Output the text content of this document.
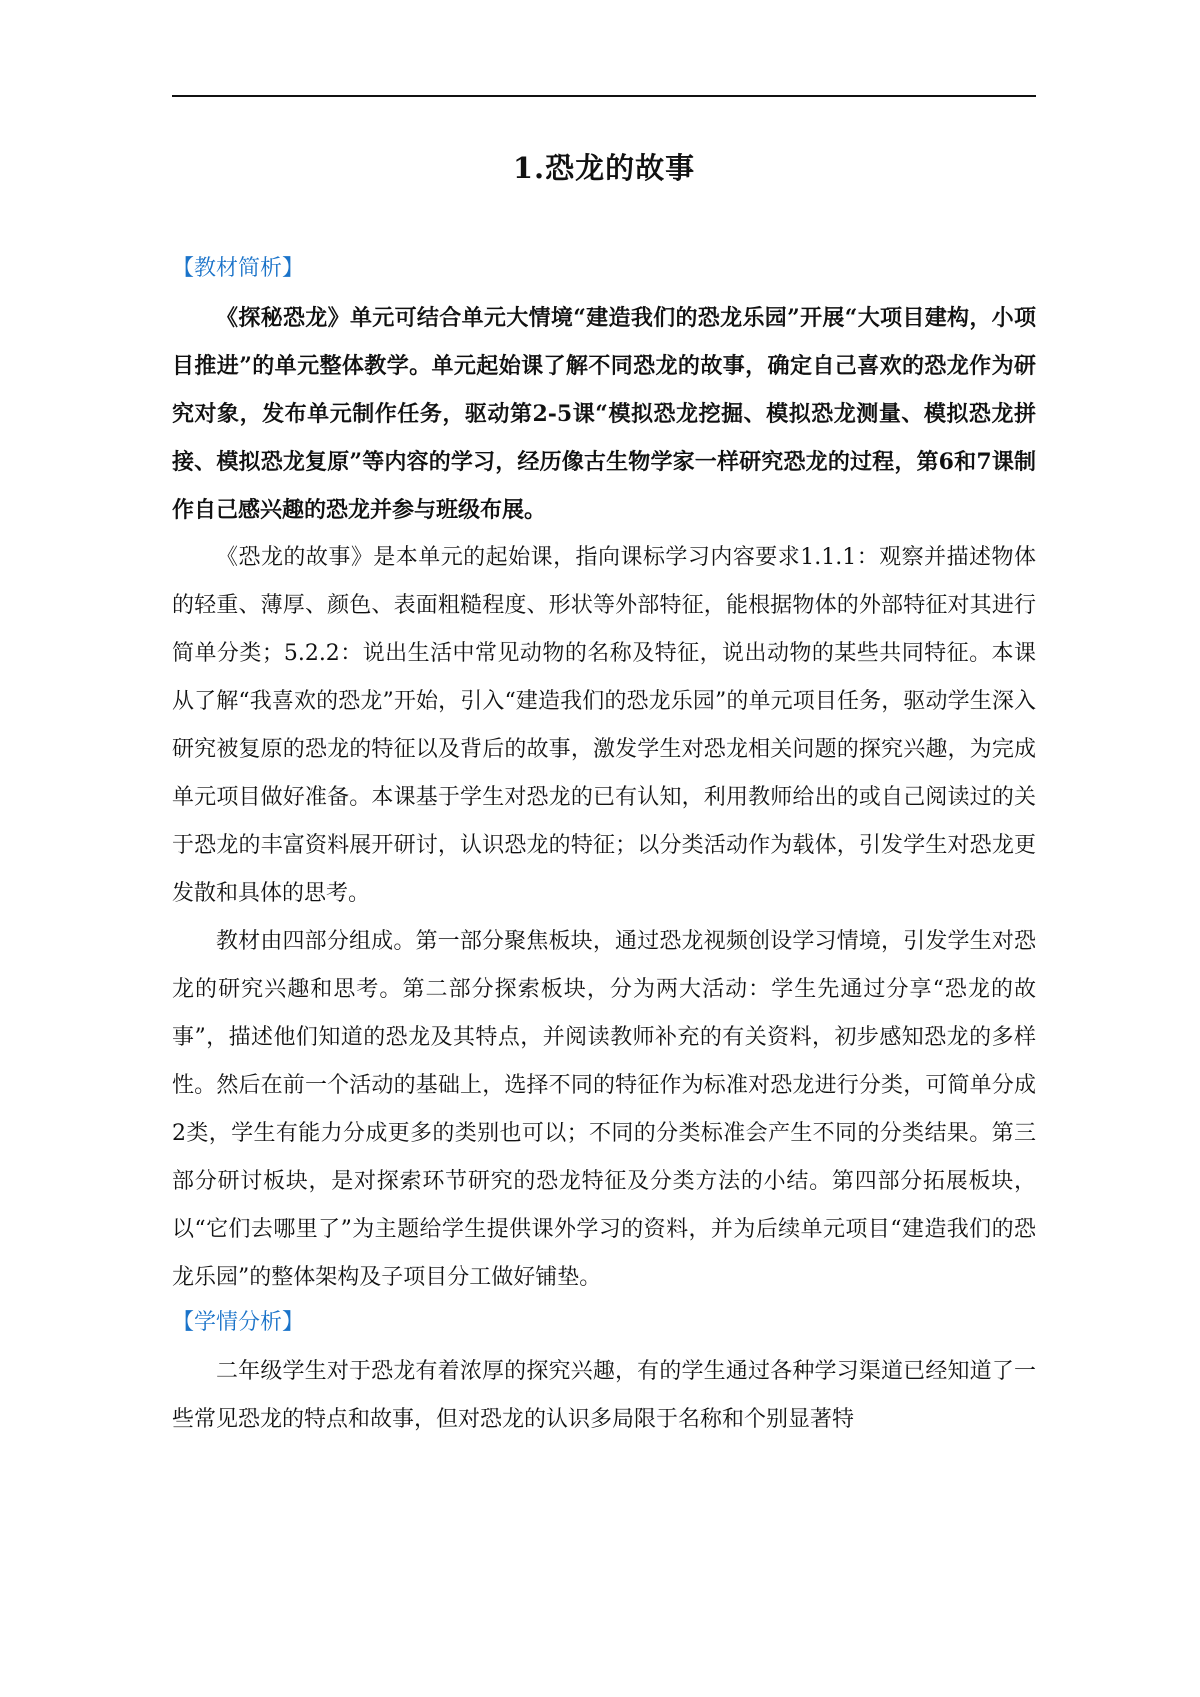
1.恐龙的故事
【教材简析】

《探秘恐龙》单元可结合单元大情境“建造我们的恐龙乐园”开展“大项目建构，小项目推进”的单元整体教学。单元起始课了解不同恐龙的故事，确定自己喜欢的恐龙作为研究对象，发布单元制作任务，驱动第2-5课“模拟恐龙挖掘、模拟恐龙测量、模拟恐龙拼接、模拟恐龙复原”等内容的学习，经历像古生物学家一样研究恐龙的过程，第6和7课制作自己感兴趣的恐龙并参与班级布展。

《恐龙的故事》是本单元的起始课，指向课标学习内容要求1.1.1：观察并描述物体的轻重、薄厚、颜色、表面粗糙程度、形状等外部特征，能根据物体的外部特征对其进行简单分类；5.2.2：说出生活中常见动物的名称及特征，说出动物的某些共同特征。本课从了解“我喜欢的恐龙”开始，引入“建造我们的恐龙乐园”的单元项目任务，驱动学生深入研究被复原的恐龙的特征以及背后的故事，激发学生对恐龙相关问题的探究兴趣，为完成单元项目做好准备。本课基于学生对恐龙的已有认知，利用教师给出的或自己阅读过的关于恐龙的丰富资料展开研讨，认识恐龙的特征；以分类活动作为载体，引发学生对恐龙更发散和具体的思考。

教材由四部分组成。第一部分聚焦板块，通过恐龙视频创设学习情境，引发学生对恐龙的研究兴趣和思考。第二部分探索板块，分为两大活动：学生先通过分享“恐龙的故事”，描述他们知道的恐龙及其特点，并阅读教师补充的有关资料，初步感知恐龙的多样性。然后在前一个活动的基础上，选择不同的特征作为标准对恐龙进行分类，可简单分成2类，学生有能力分成更多的类别也可以；不同的分类标准会产生不同的分类结果。第三部分研讨板块，是对探索环节研究的恐龙特征及分类方法的小结。第四部分拓展板块，以“它们去哪里了”为主题给学生提供课外学习的资料，并为后续单元项目“建造我们的恐龙乐园”的整体架构及子项目分工做好铺垫。

【学情分析】

二年级学生对于恐龙有着浓厚的探究兴趣，有的学生通过各种学习渠道已经知道了一些常见恐龙的特点和故事，但对恐龙的认识多局限于名称和个别显著特
